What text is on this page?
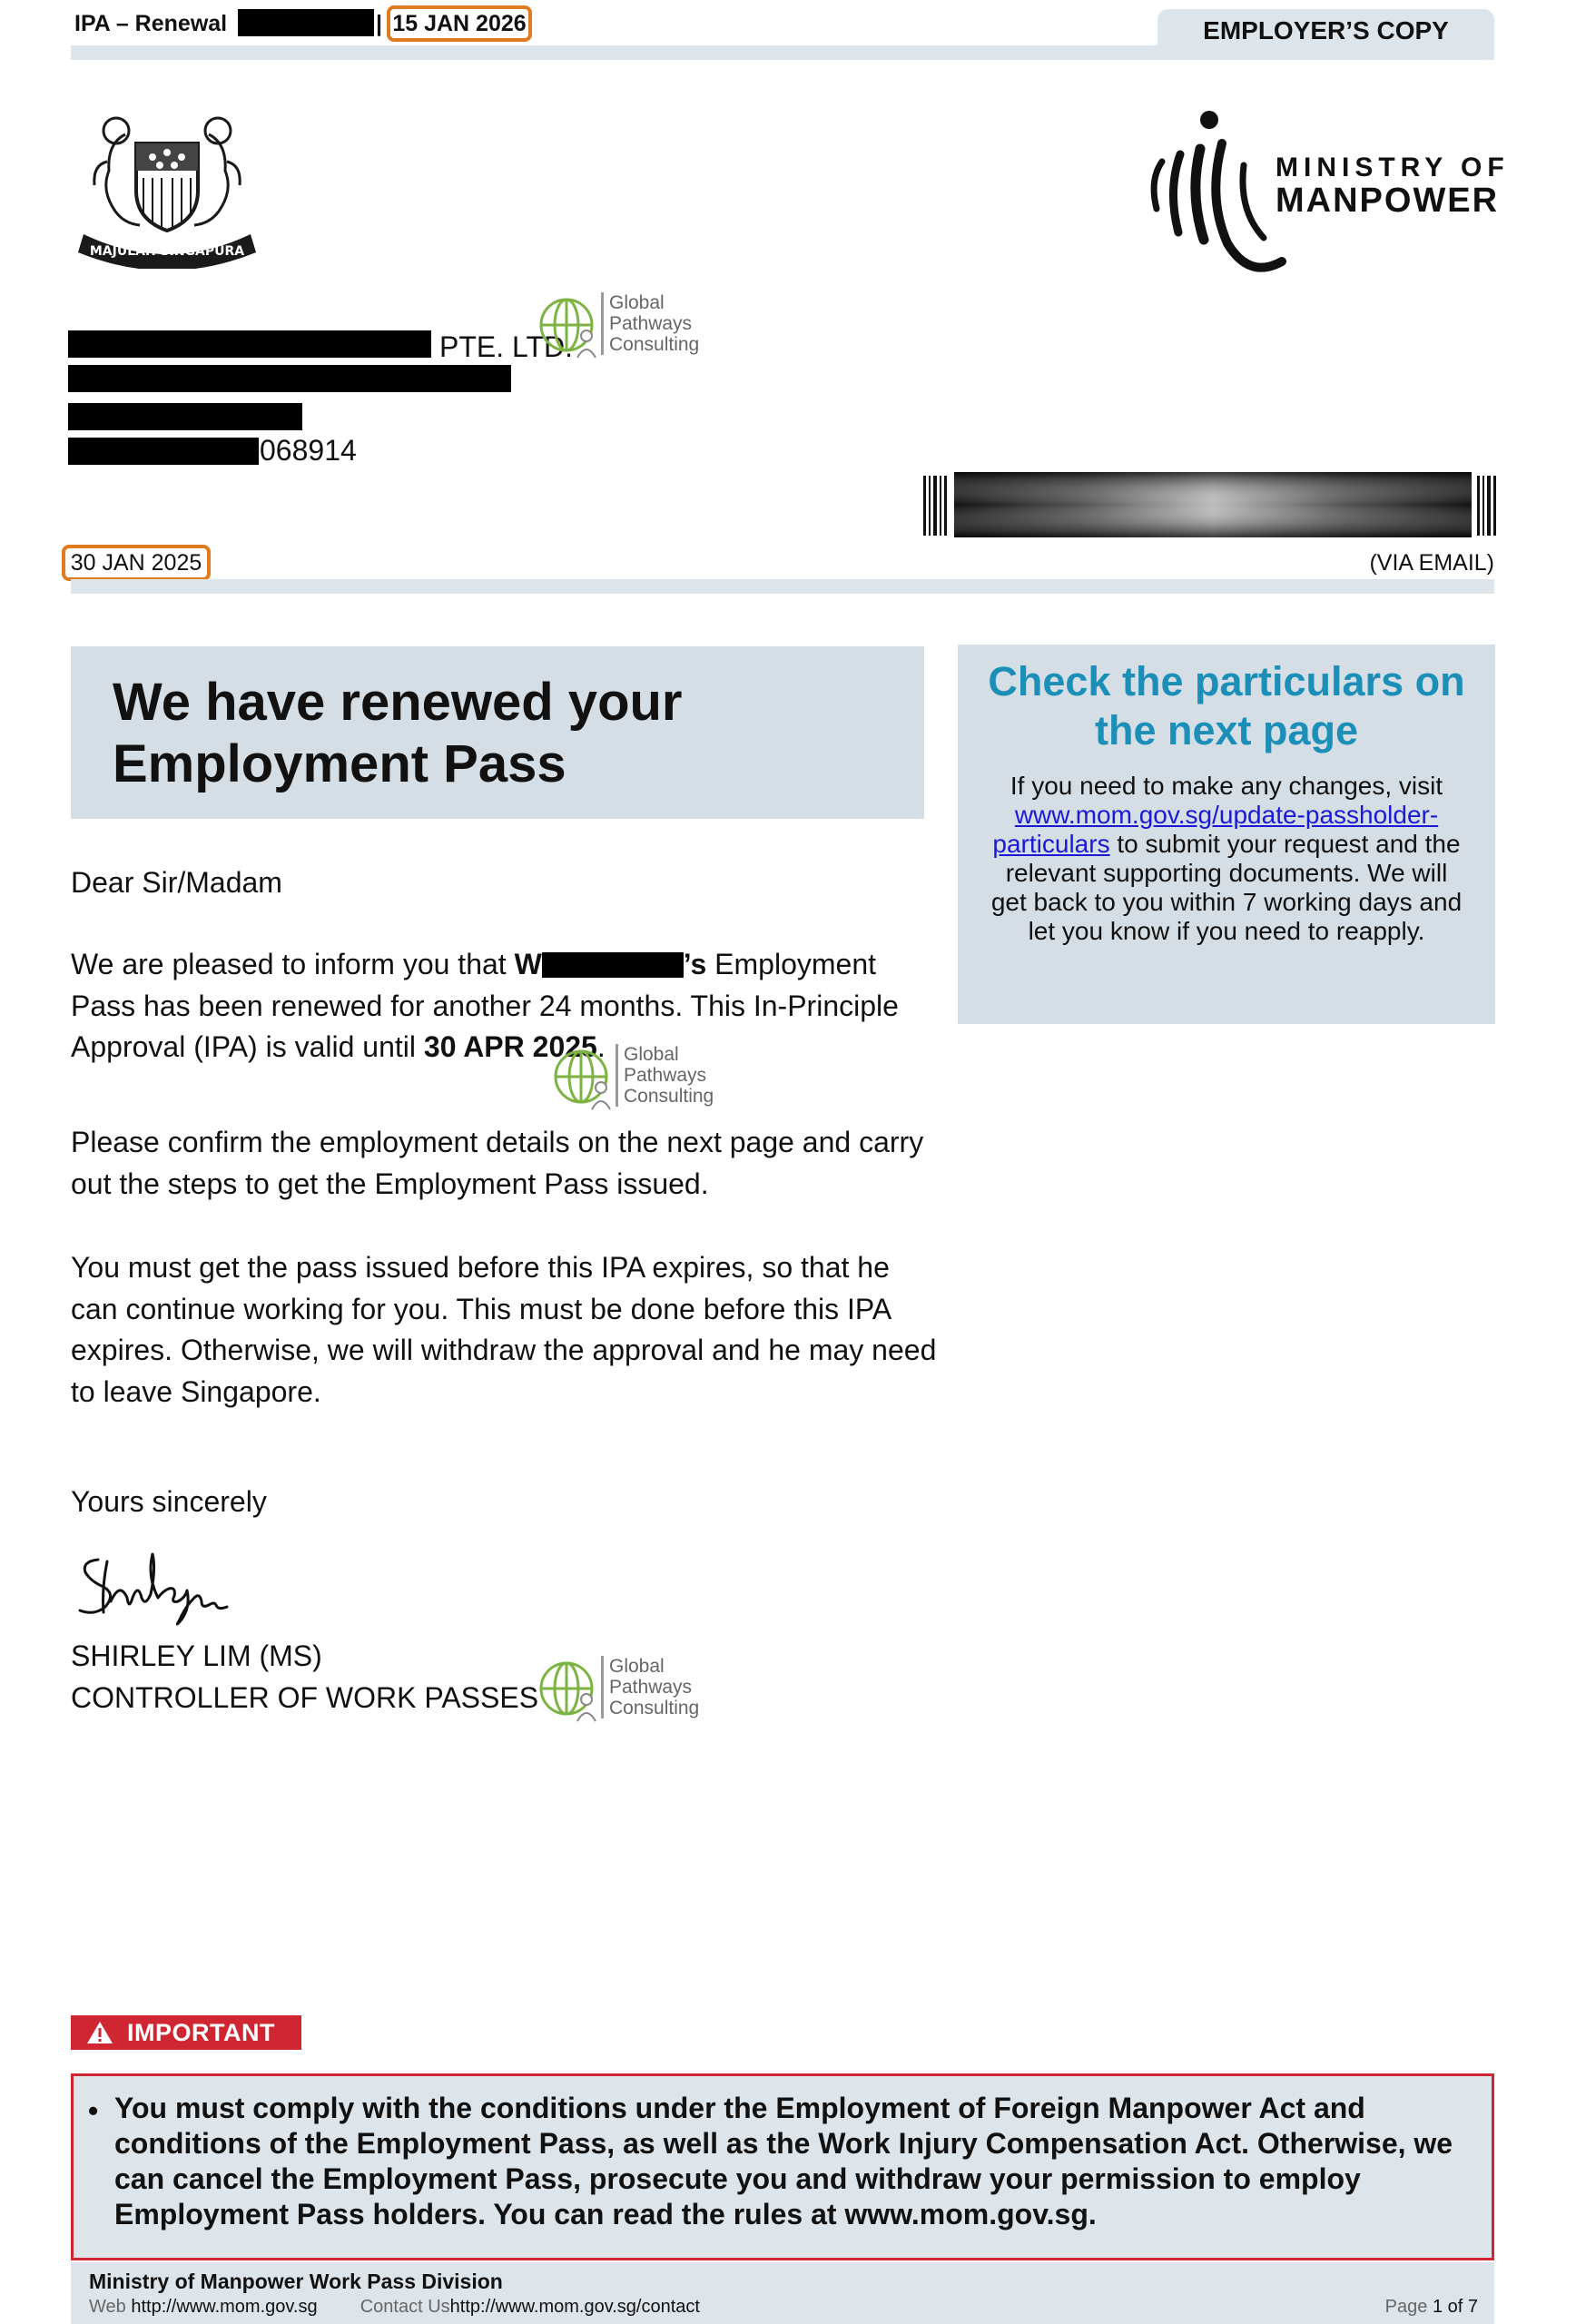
IPA – Renewal	| 15 JAN 2026	EMPLOYER’S COPY
MAJULAH SINGAPURA
MINISTRY OF
MANPOWER
PTE. LTD.
068914
Global
Pathways
Consulting
30 JAN 2025	(VIA EMAIL)
We have renewed your
Employment Pass
Check the particulars on the next page
If you need to make any changes, visit www.mom.gov.sg/update-passholder-particulars to submit your request and the relevant supporting documents. We will get back to you within 7 working days and let you know if you need to reapply.
Dear Sir/Madam
We are pleased to inform you that W	’s Employment Pass has been renewed for another 24 months. This In-Principle Approval (IPA) is valid until 30 APR 2025. Global
Pathways
Consulting
Please confirm the employment details on the next page and carry out the steps to get the Employment Pass issued.
You must get the pass issued before this IPA expires, so that he can continue working for you. This must be done before this IPA expires. Otherwise, we will withdraw the approval and he may need to leave Singapore.
Yours sincerely
SHIRLEY LIM (MS)
CONTROLLER OF WORK PASSES
Global
Pathways
Consulting
IMPORTANT
• You must comply with the conditions under the Employment of Foreign Manpower Act and conditions of the Employment Pass, as well as the Work Injury Compensation Act. Otherwise, we can cancel the Employment Pass, prosecute you and withdraw your permission to employ Employment Pass holders. You can read the rules at www.mom.gov.sg.
Ministry of Manpower Work Pass Division
Web http://www.mom.gov.sg Contact Ushttp://www.mom.gov.sg/contact	Page 1 of 7
